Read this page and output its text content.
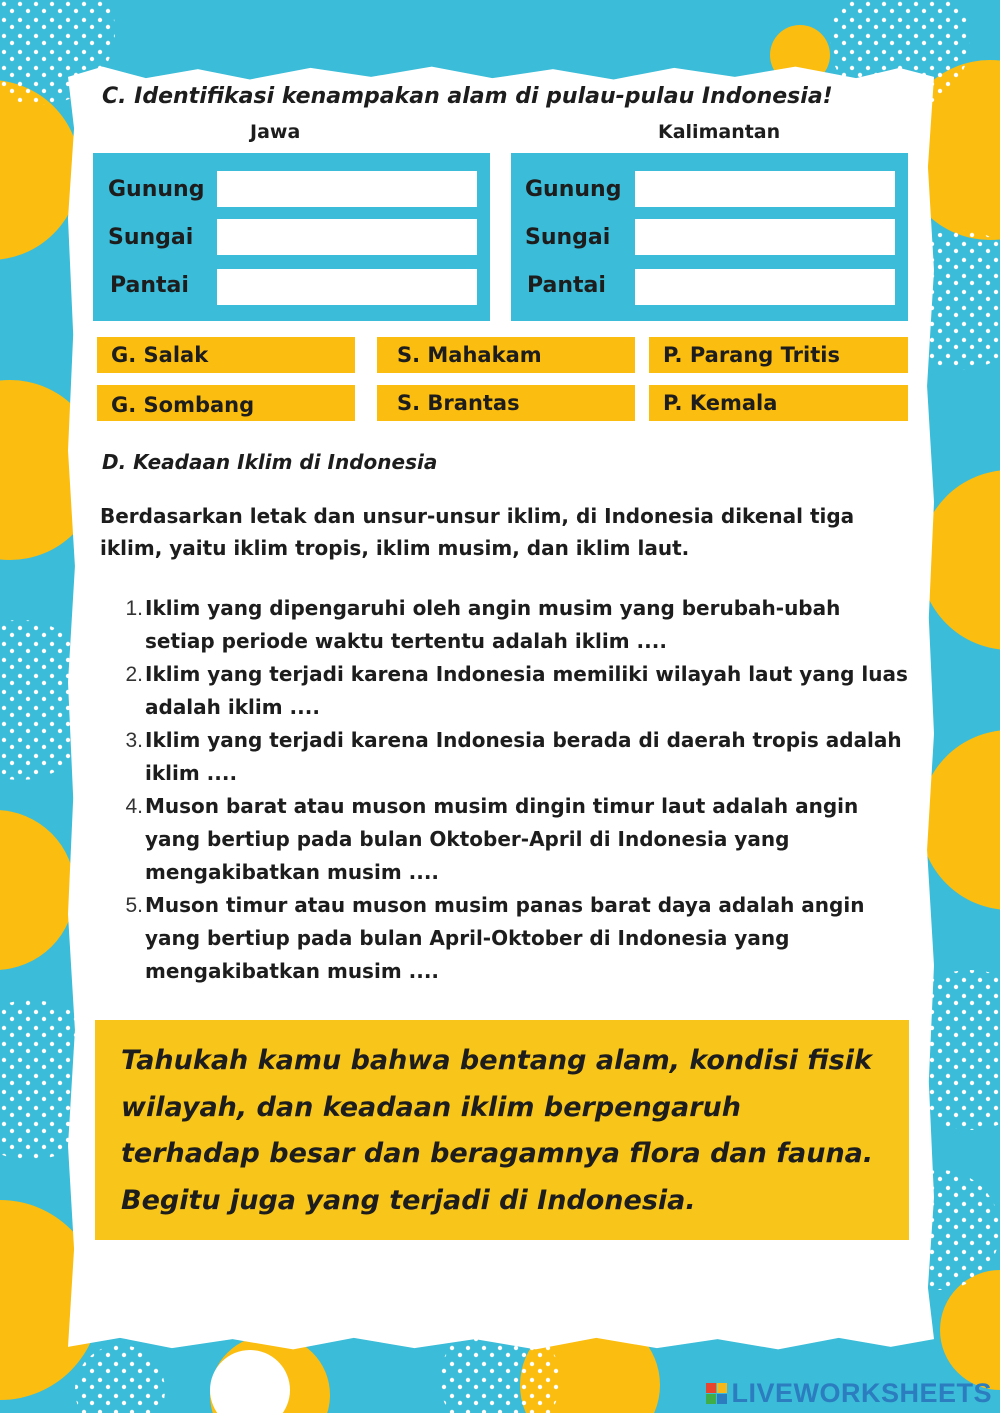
C. Identifikasi kenampakan alam di pulau-pulau Indonesia!
Jawa	Kalimantan
Gunung
Sungai
Pantai
Gunung
Sungai
Pantai
G. Salak	S. Mahakam	P. Parang Tritis
G. Sombang	S. Brantas	P. Kemala
D. Keadaan Iklim di Indonesia
Berdasarkan letak dan unsur-unsur iklim, di Indonesia dikenal tiga iklim, yaitu iklim tropis, iklim musim, dan iklim laut.
1. Iklim yang dipengaruhi oleh angin musim yang berubah-ubah setiap periode waktu tertentu adalah iklim ....
2. Iklim yang terjadi karena Indonesia memiliki wilayah laut yang luas adalah iklim ....
3. Iklim yang terjadi karena Indonesia berada di daerah tropis adalah iklim ....
4. Muson barat atau muson musim dingin timur laut adalah angin yang bertiup pada bulan Oktober-April di Indonesia yang mengakibatkan musim ....
5. Muson timur atau muson musim panas barat daya adalah angin yang bertiup pada bulan April-Oktober di Indonesia yang mengakibatkan musim ....
Tahukah kamu bahwa bentang alam, kondisi fisik wilayah, dan keadaan iklim berpengaruh terhadap besar dan beragamnya flora dan fauna. Begitu juga yang terjadi di Indonesia.
LIVEWORKSHEETS
